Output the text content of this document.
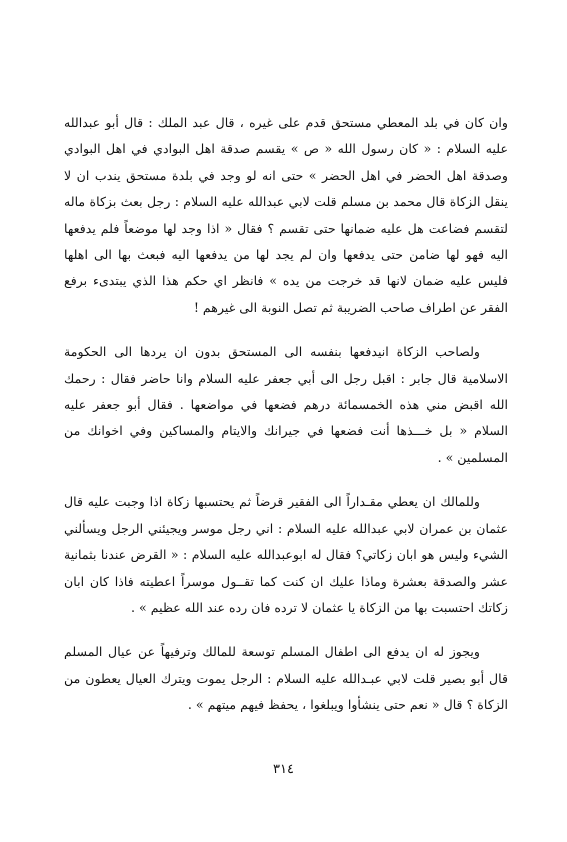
وان كان في بلد المعطي مستحق قدم على غيره ، قال عبد الملك : قال أبو عبدالله عليه السلام : « كان رسول الله « ص » يقسم صدقة اهل البوادي في اهل البوادي وصدقة اهل الحضر في اهل الحضر » حتى انه لو وجد في بلدة مستحق يندب ان لا ينقل الزكاة قال محمد بن مسلم قلت لابي عبدالله عليه السلام : رجل بعث بزكاة ماله لتقسم فضاعت هل عليه ضمانها حتى تقسم ؟ فقال « اذا وجد لها موضعاً فلم يدفعها اليه فهو لها ضامن حتى يدفعها وان لم يجد لها من يدفعها اليه فبعث بها الى اهلها فليس عليه ضمان لانها قد خرجت من يده » فانظر اي حكم هذا الذي يبتدىء برفع الفقر عن اطراف صاحب الضريبة ثم تصل النوبة الى غيرهم !

ولصاحب الزكاة انيدفعها بنفسه الى المستحق بدون ان يردها الى الحكومة الاسلامية قال جابر : اقبل رجل الى أبي جعفر عليه السلام وانا حاضر فقال : رحمك الله اقبض مني هذه الخمسمائة درهم فضعها في مواضعها . فقال أبو جعفر عليه السلام « بل خـــذها أنت فضعها في جيرانك والايتام والمساكين وفي اخوانك من المسلمين » .

وللمالك ان يعطي مقـداراً الى الفقير قرضاً ثم يحتسبها زكاة اذا وجبت عليه قال عثمان بن عمران لابي عبدالله عليه السلام : اني رجل موسر ويجيئني الرجل ويسألني الشيء وليس هو ابان زكاتي؟ فقال له ابوعبدالله عليه السلام : « القرض عندنا بثمانية عشر والصدقة بعشرة وماذا عليك ان كنت كما تقــول موسراً اعطيته فاذا كان ابان زكاتك احتسبت بها من الزكاة يا عثمان لا ترده فان رده عند الله عظيم » .

ويجوز له ان يدفع الى اطفال المسلم توسعة للمالك وترفيهاً عن عيال المسلم قال أبو بصير قلت لابي عبـدالله عليه السلام : الرجل يموت ويترك العيال يعطون من الزكاة ؟ قال « نعم حتى ينشأوا ويبلغوا ، يحفظ فيهم ميتهم » .

٣١٤
